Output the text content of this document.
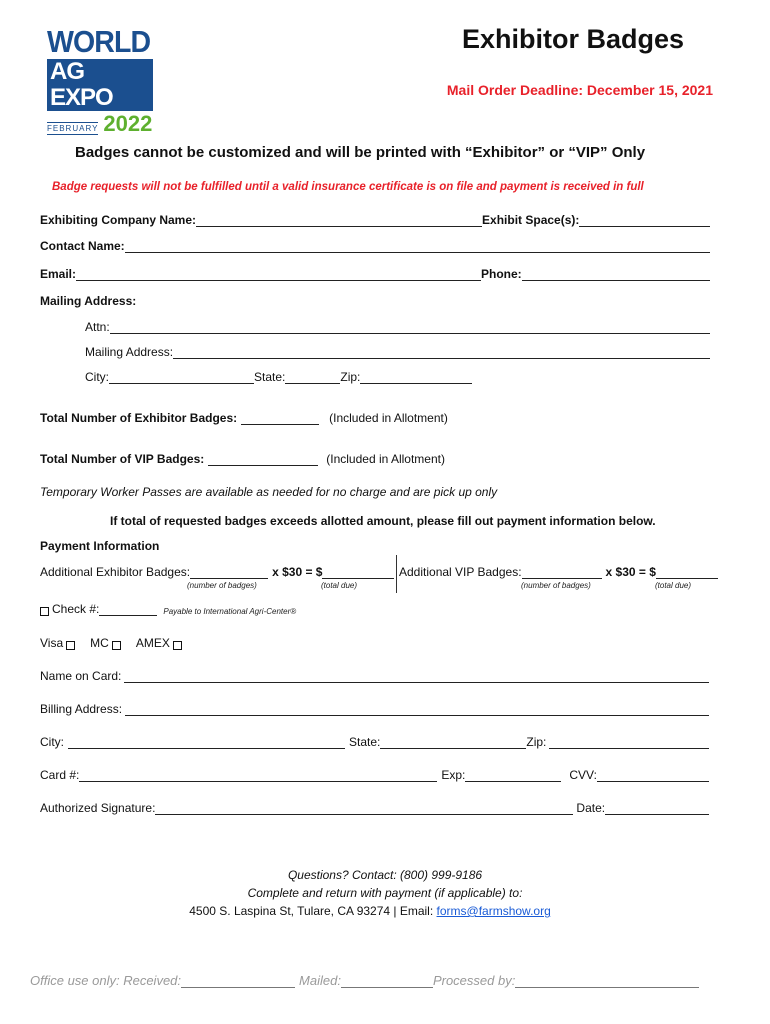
WORLD
AG EXPO
FEBRUARY 2022
Exhibitor Badges
Mail Order Deadline: December 15, 2021
Badges cannot be customized and will be printed with “Exhibitor” or “VIP” Only
Badge requests will not be fulfilled until a valid insurance certificate is on file and payment is received in full
Exhibiting Company Name:	Exhibit Space(s):
Contact Name:
Email:	Phone:
Mailing Address:
Attn:
Mailing Address:
City:	State:	Zip:
Total Number of Exhibitor Badges:	(Included in Allotment)
Total Number of VIP Badges:	(Included in Allotment)
Temporary Worker Passes are available as needed for no charge and are pick up only
If total of requested badges exceeds allotted amount, please fill out payment information below.
Payment Information
Additional Exhibitor Badges:	x $30 = $
(number of badges)	(total due)
Additional VIP Badges:	x $30 = $
(number of badges)	(total due)
Check #:	Payable to International Agri-Center®
Visa MC AMEX
Name on Card:
Billing Address:
City:	State:	Zip:
Card #:	Exp:	CVV:
Authorized Signature:	Date:
Questions? Contact: (800) 999-9186
Complete and return with payment (if applicable) to:
4500 S. Laspina St, Tulare, CA 93274 | Email: forms@farmshow.org
Office use only: Received:	Mailed:	Processed by:
